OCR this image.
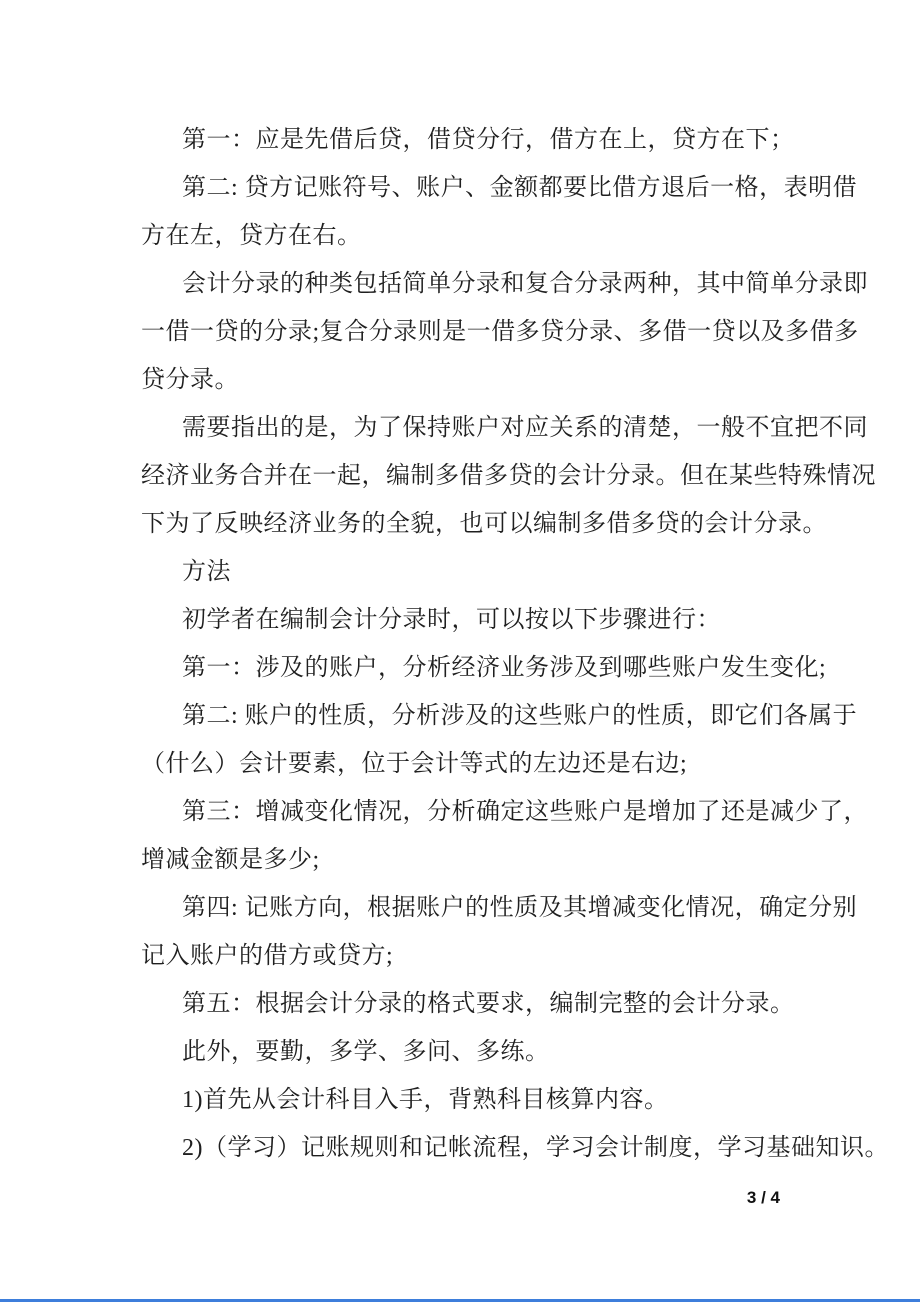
第一：应是先借后贷，借贷分行，借方在上，贷方在下；
第二: 贷方记账符号、账户、金额都要比借方退后一格，表明借
方在左，贷方在右。
会计分录的种类包括简单分录和复合分录两种，其中简单分录即
一借一贷的分录;复合分录则是一借多贷分录、多借一贷以及多借多
贷分录。
需要指出的是，为了保持账户对应关系的清楚，一般不宜把不同
经济业务合并在一起，编制多借多贷的会计分录。但在某些特殊情况
下为了反映经济业务的全貌，也可以编制多借多贷的会计分录。
方法
初学者在编制会计分录时，可以按以下步骤进行：
第一：涉及的账户，分析经济业务涉及到哪些账户发生变化;
第二: 账户的性质，分析涉及的这些账户的性质，即它们各属于
（什么）会计要素，位于会计等式的左边还是右边;
第三：增减变化情况，分析确定这些账户是增加了还是减少了，
增减金额是多少;
第四: 记账方向，根据账户的性质及其增减变化情况，确定分别
记入账户的借方或贷方;
第五：根据会计分录的格式要求，编制完整的会计分录。
此外，要勤，多学、多问、多练。
1)首先从会计科目入手，背熟科目核算内容。
2)（学习）记账规则和记帐流程，学习会计制度，学习基础知识。
3 / 4
